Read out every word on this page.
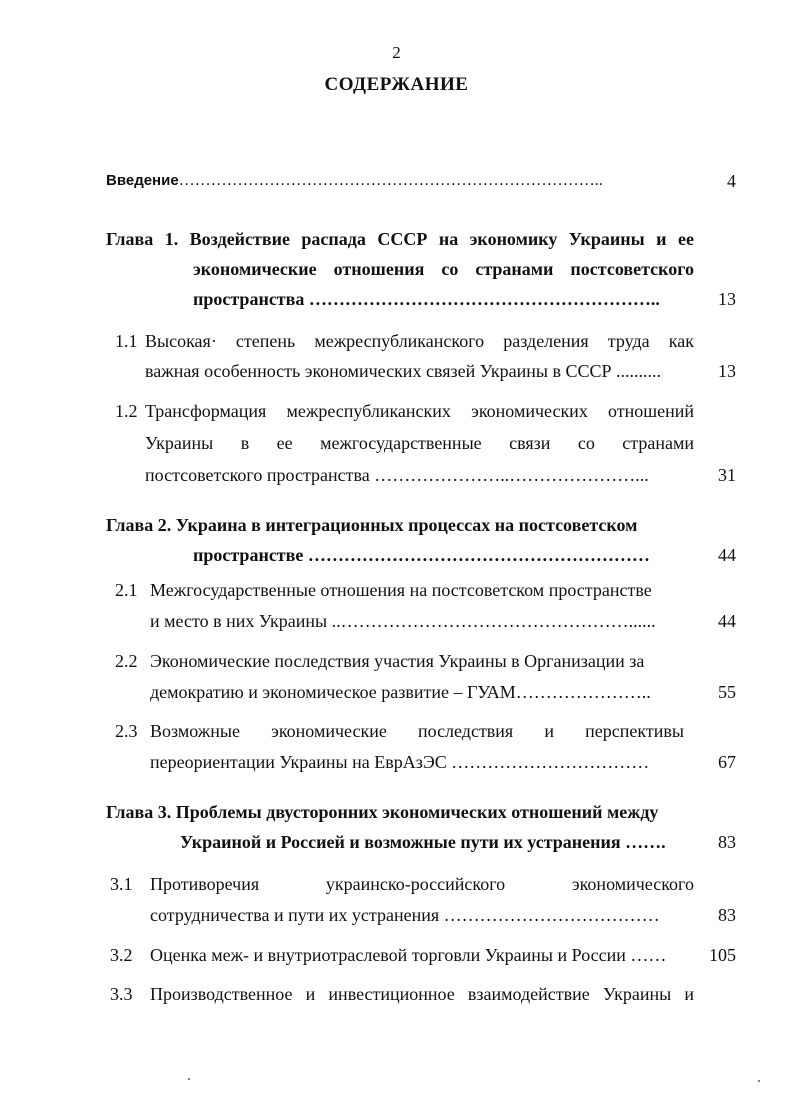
2
СОДЕРЖАНИЕ
Введение……………………………………………………………………..	4
Глава 1. Воздействие распада СССР на экономику Украины и ее
экономические отношения со странами постсоветского
пространства …………………………………………………..	13
1.1 Высокая· степень межреспубликанского разделения труда как
важная особенность экономических связей Украины в СССР ..........	13
1.2 Трансформация межреспубликанских экономических отношений
Украины в ее межгосударственные связи со странами
постсоветского пространства …………………..…………………...	31
Глава 2. Украина в интеграционных процессах на постсоветском
пространстве …………………………………………………	44
2.1 Межгосударственные отношения на постсоветском пространстве
и место в них Украины ..…………………………………………......	44
2.2 Экономические последствия участия Украины в Организации за
демократию и экономическое развитие – ГУАМ…………………..	55
2.3 Возможные экономические последствия и перспективы
переориентации Украины на ЕврАзЭС ……………………………	67
Глава 3. Проблемы двусторонних экономических отношений между
Украиной и Россией и возможные пути их устранения …….	83
3.1 Противоречия украинско-российского экономического
сотрудничества и пути их устранения ………………………………	83
3.2 Оценка меж- и внутриотраслевой торговли Украины и России ……	105
3.3 Производственное и инвестиционное взаимодействие Украины и
